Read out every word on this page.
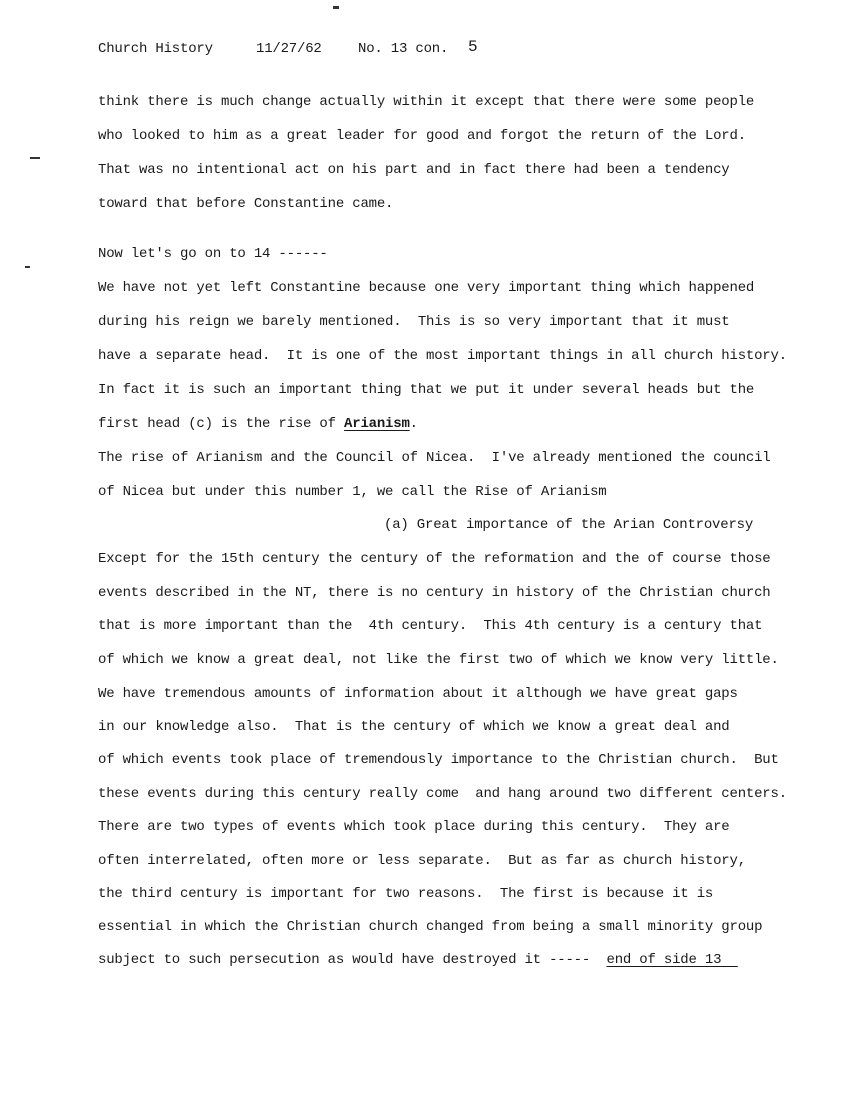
Church History

	11/27/62

	No. 13 con.

5

think there is much change actually within it except that there were some people
who looked to him as a great leader for good and forgot the return of the Lord.
That was no intentional act on his part and in fact there had been a tendency
toward that before Constantine came.
Now let's go on to 14 ------
We have not yet left Constantine because one very important thing which happened
during his reign we barely mentioned.  This is so very important that it must
have a separate head.  It is one of the most important things in all church history.
In fact it is such an important thing that we put it under several heads but the
first head (c) is the rise of Arianism.
The rise of Arianism and the Council of Nicea.  I've already mentioned the council
of Nicea but under this number 1, we call the Rise of Arianism
(a) Great importance of the Arian Controversy
Except for the 15th century the century of the reformation and the of course those
events described in the NT, there is no century in history of the Christian church
that is more important than the  4th century.  This 4th century is a century that
of which we know a great deal, not like the first two of which we know very little.
We have tremendous amounts of information about it although we have great gaps
in our knowledge also.  That is the century of which we know a great deal and
of which events took place of tremendously importance to the Christian church.  But
these events during this century really come  and hang around two different centers.
There are two types of events which took place during this century.  They are
often interrelated, often more or less separate.  But as far as church history,
the third century is important for two reasons.  The first is because it is
essential in which the Christian church changed from being a small minority group
subject to such persecution as would have destroyed it -----  end of side 13
